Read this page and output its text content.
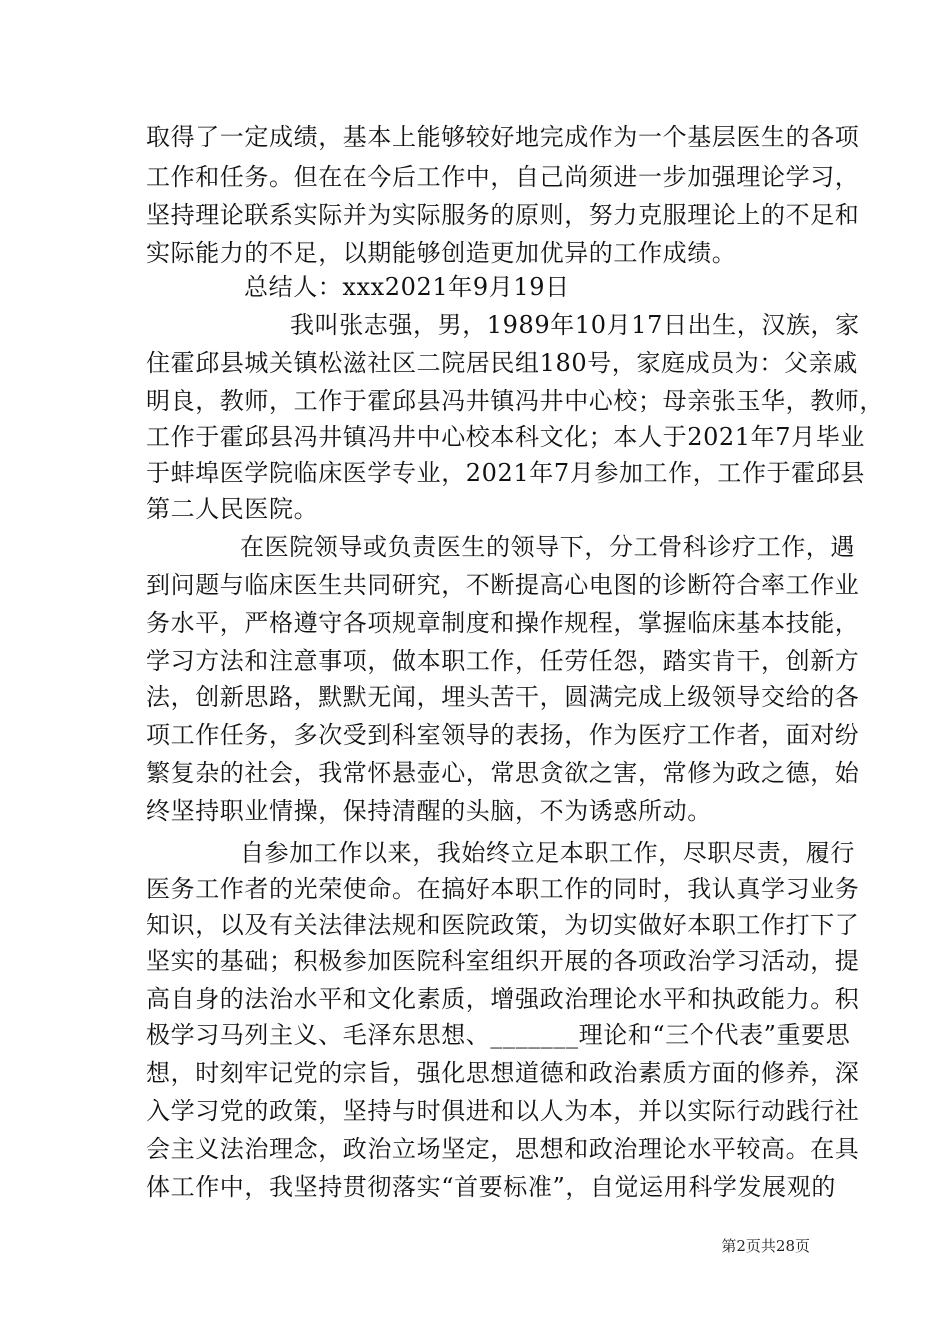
取得了一定成绩，基本上能够较好地完成作为一个基层医生的各项
工作和任务。但在在今后工作中，自己尚须进一步加强理论学习，
坚持理论联系实际并为实际服务的原则，努力克服理论上的不足和
实际能力的不足，以期能够创造更加优异的工作成绩。
总结人：xxx2021年9月19日
我叫张志强，男，1989年10月17日出生，汉族，家
住霍邱县城关镇松滋社区二院居民组180号，家庭成员为：父亲戚
明良，教师，工作于霍邱县冯井镇冯井中心校；母亲张玉华，教师，
工作于霍邱县冯井镇冯井中心校本科文化；本人于2021年7月毕业
于蚌埠医学院临床医学专业，2021年7月参加工作，工作于霍邱县
第二人民医院。
在医院领导或负责医生的领导下，分工骨科诊疗工作，遇
到问题与临床医生共同研究，不断提高心电图的诊断符合率工作业
务水平，严格遵守各项规章制度和操作规程，掌握临床基本技能，
学习方法和注意事项，做本职工作，任劳任怨，踏实肯干，创新方
法，创新思路，默默无闻，埋头苦干，圆满完成上级领导交给的各
项工作任务，多次受到科室领导的表扬，作为医疗工作者，面对纷
繁复杂的社会，我常怀悬壶心，常思贪欲之害，常修为政之德，始
终坚持职业情操，保持清醒的头脑，不为诱惑所动。
自参加工作以来，我始终立足本职工作，尽职尽责，履行
医务工作者的光荣使命。在搞好本职工作的同时，我认真学习业务
知识，以及有关法律法规和医院政策，为切实做好本职工作打下了
坚实的基础；积极参加医院科室组织开展的各项政治学习活动，提
高自身的法治水平和文化素质，增强政治理论水平和执政能力。积
极学习马列主义、毛泽东思想、_______理论和“三个代表”重要思
想，时刻牢记党的宗旨，强化思想道德和政治素质方面的修养，深
入学习党的政策，坚持与时俱进和以人为本，并以实际行动践行社
会主义法治理念，政治立场坚定，思想和政治理论水平较高。在具
体工作中，我坚持贯彻落实“首要标准”，自觉运用科学发展观的
第2页共28页
